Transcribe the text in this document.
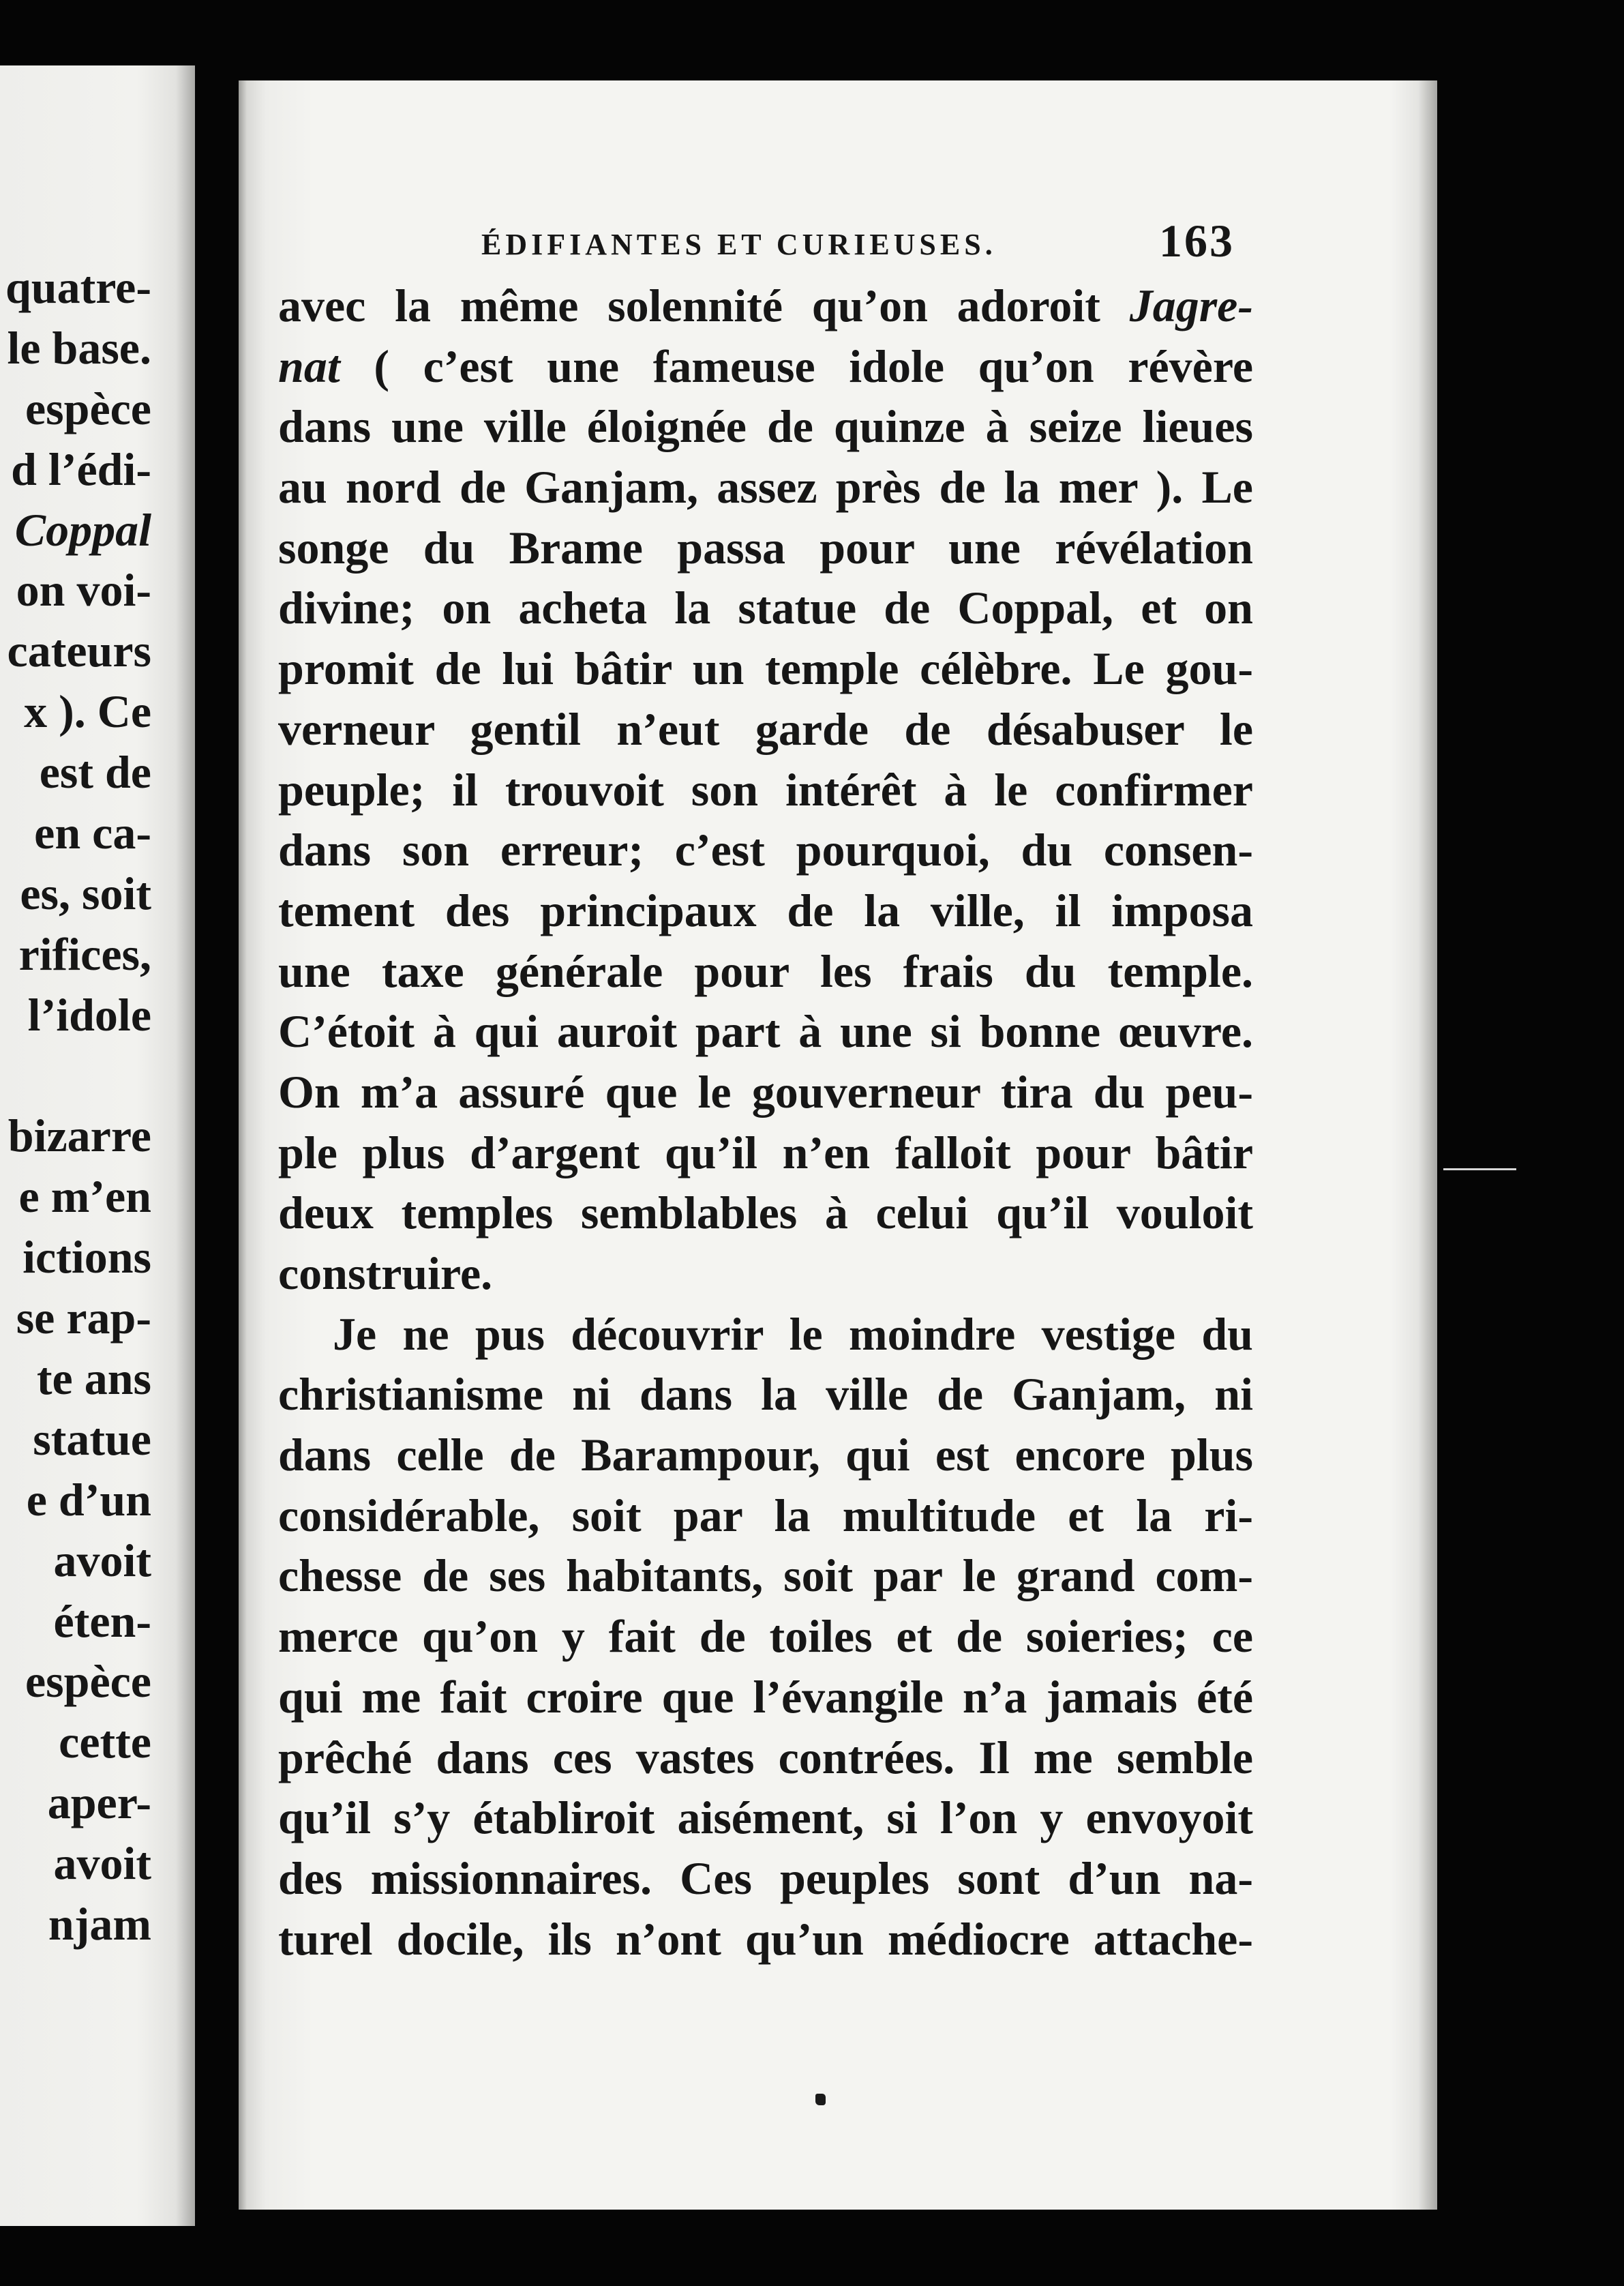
quatre-
le base.
espèce
d l’édi-
Coppal
on voi-
cateurs
x ). Ce
est de
en ca-
es, soit
rifices,
l’idole
bizarre
e m’en
ictions
se rap-
te ans
statue
e d’un
avoit
éten-
espèce
cette
aper-
avoit
njam
ÉDIFIANTES ET CURIEUSES.	163
avec la même solennité qu’on adoroit Jagre-
nat ( c’est une fameuse idole qu’on révère
dans une ville éloignée de quinze à seize lieues
au nord de Ganjam, assez près de la mer ). Le
songe du Brame passa pour une révélation
divine; on acheta la statue de Coppal, et on
promit de lui bâtir un temple célèbre. Le gou-
verneur gentil n’eut garde de désabuser le
peuple; il trouvoit son intérêt à le confirmer
dans son erreur; c’est pourquoi, du consen-
tement des principaux de la ville, il imposa
une taxe générale pour les frais du temple.
C’étoit à qui auroit part à une si bonne œuvre.
On m’a assuré que le gouverneur tira du peu-
ple plus d’argent qu’il n’en falloit pour bâtir
deux temples semblables à celui qu’il vouloit
construire.
Je ne pus découvrir le moindre vestige du
christianisme ni dans la ville de Ganjam, ni
dans celle de Barampour, qui est encore plus
considérable, soit par la multitude et la ri-
chesse de ses habitants, soit par le grand com-
merce qu’on y fait de toiles et de soieries; ce
qui me fait croire que l’évangile n’a jamais été
prêché dans ces vastes contrées. Il me semble
qu’il s’y établiroit aisément, si l’on y envoyoit
des missionnaires. Ces peuples sont d’un na-
turel docile, ils n’ont qu’un médiocre attache-
